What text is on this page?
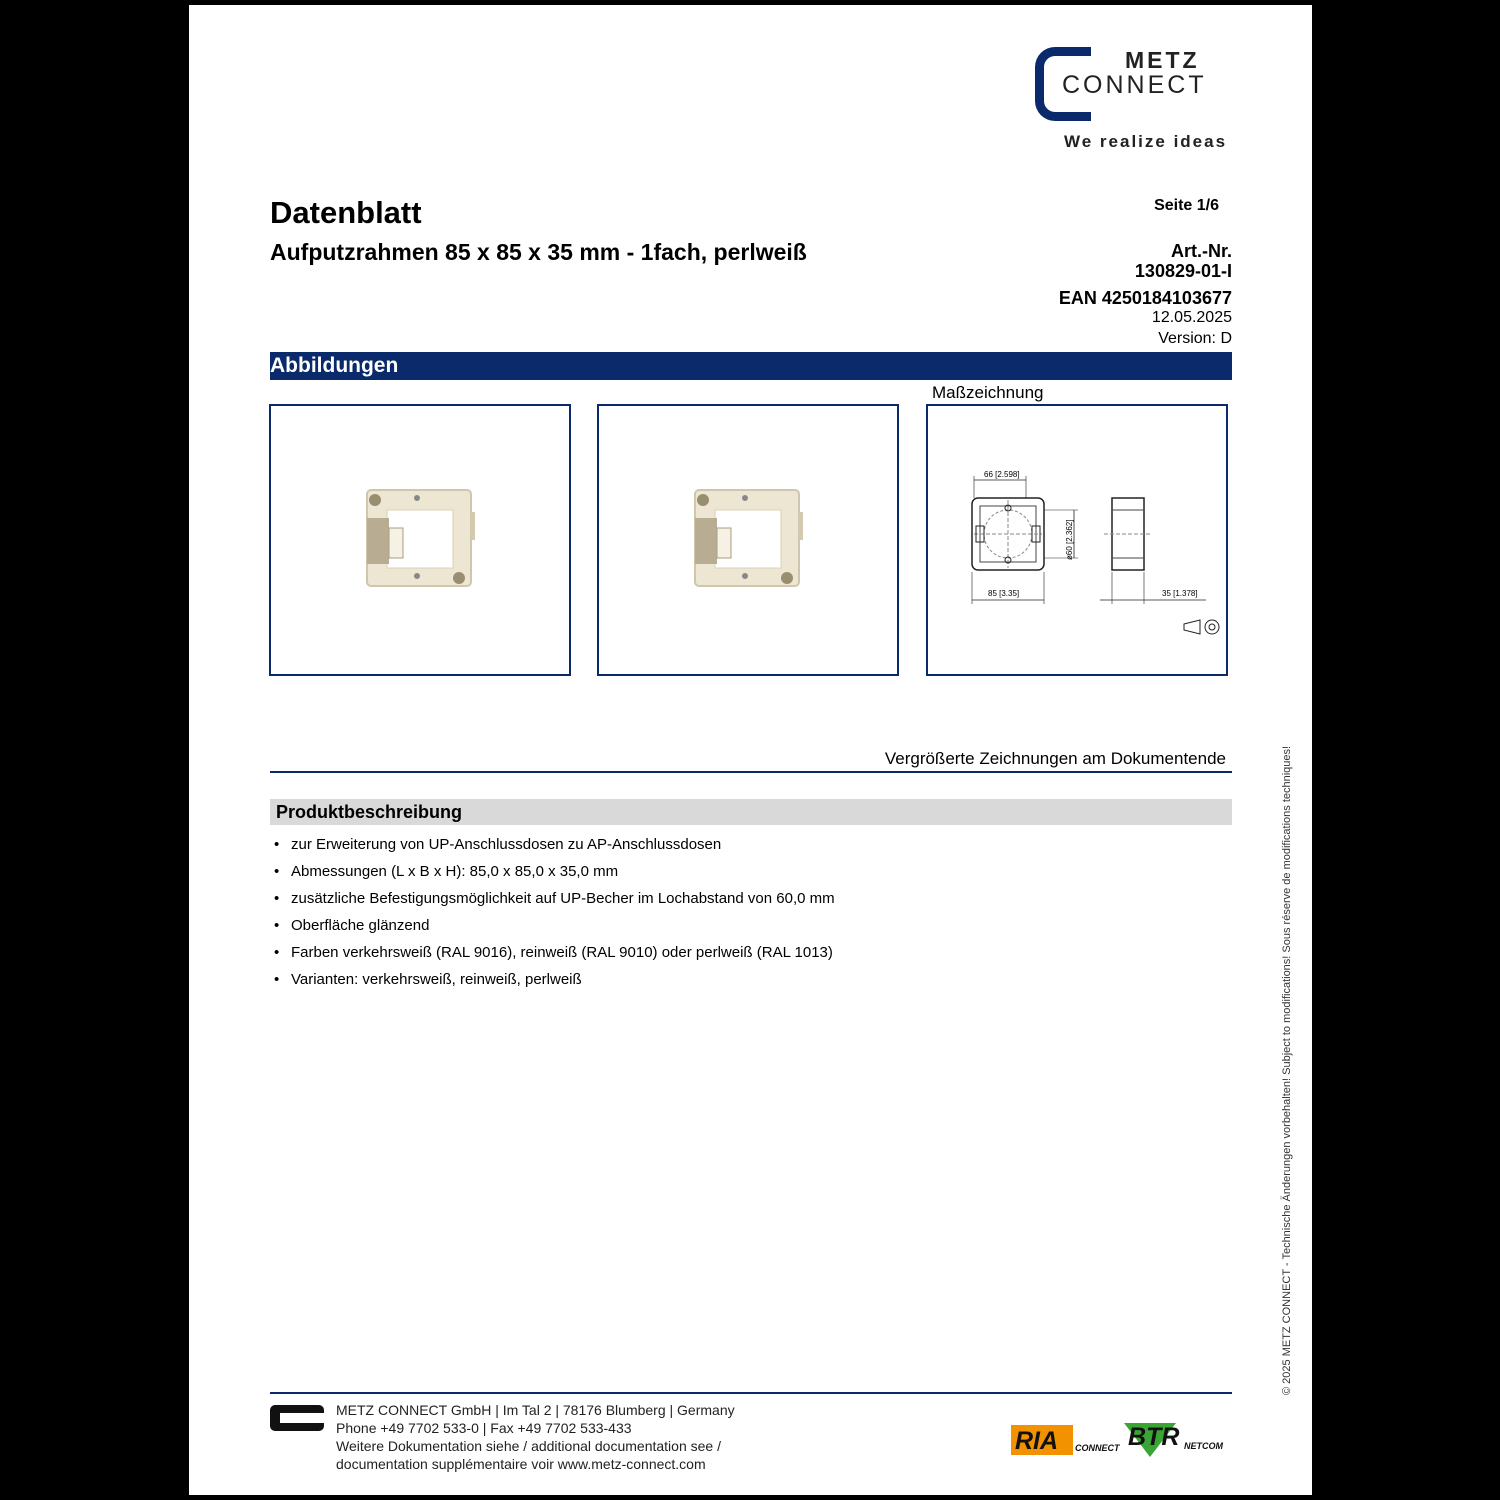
METZ
CONNECT
We realize ideas
Datenblatt
Aufputzrahmen 85 x 85 x 35 mm - 1fach, perlweiß
Seite 1/6
Art.-Nr.
130829-01-I
EAN 4250184103677
12.05.2025
Version: D
Abbildungen
Maßzeichnung
66 [2.598]
ø60 [2.362]
85 [3.35]	35 [1.378]
Vergrößerte Zeichnungen am Dokumentende
Produktbeschreibung
• zur Erweiterung von UP-Anschlussdosen zu AP-Anschlussdosen
• Abmessungen (L x B x H): 85,0 x 85,0 x 35,0 mm
• zusätzliche Befestigungsmöglichkeit auf UP-Becher im Lochabstand von 60,0 mm
• Oberfläche glänzend
• Farben verkehrsweiß (RAL 9016), reinweiß (RAL 9010) oder perlweiß (RAL 1013)
• Varianten: verkehrsweiß, reinweiß, perlweiß	© 2025 METZ CONNECT - Technische Änderungen vorbehalten! Subject to modifications! Sous réserve de modifications techniques!
METZ CONNECT GmbH | Im Tal 2 | 78176 Blumberg | Germany
Phone +49 7702 533-0 | Fax +49 7702 533-433
Weitere Dokumentation siehe / additional documentation see /
documentation supplémentaire voir www.metz-connect.com
RIA CONNECT BTR NETCOM
